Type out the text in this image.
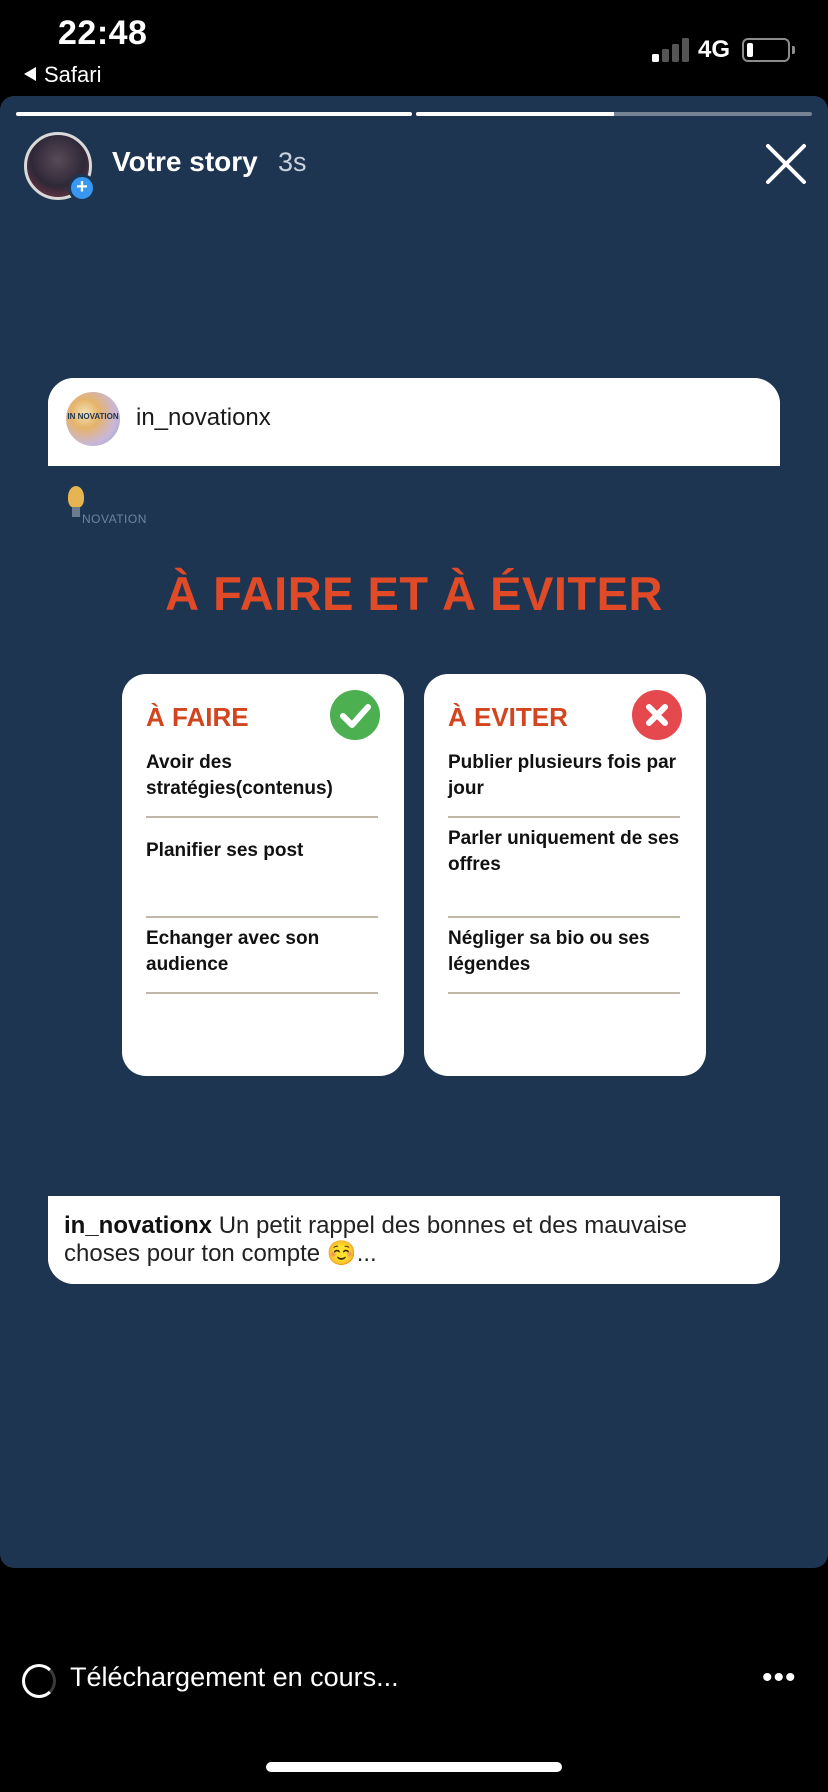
22:48
Safari
4G
+
Votre story 3s
IN NOVATION in_novationx
NOVATION
À FAIRE ET À ÉVITER
À FAIRE
Avoir des stratégies(contenus)
Planifier ses post
Echanger avec son audience
À EVITER
Publier plusieurs fois par jour
Parler uniquement de ses offres
Négliger sa bio ou ses légendes
in_novationx Un petit rappel des bonnes et des mauvaise choses pour ton compte ☺️...
Téléchargement en cours...	•••
